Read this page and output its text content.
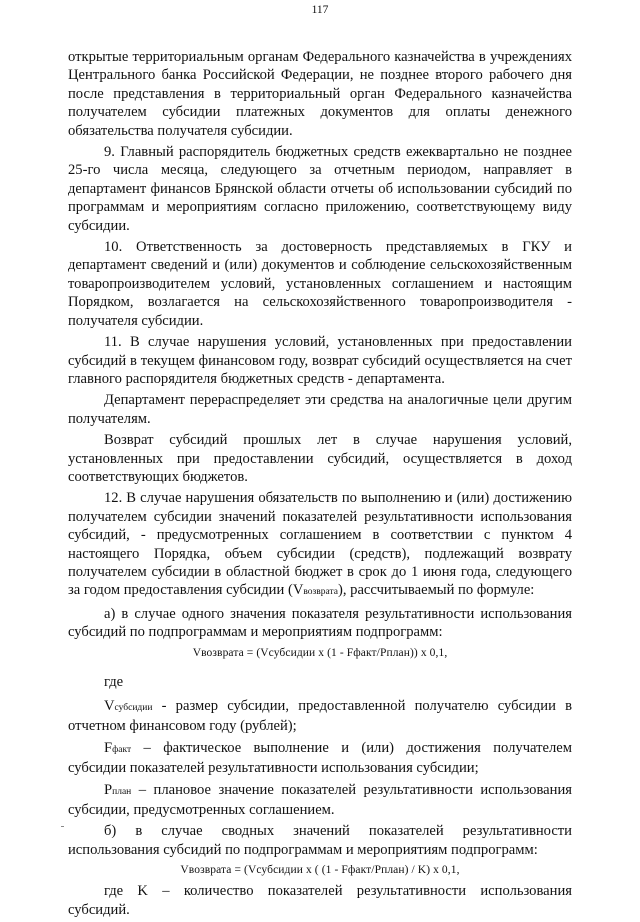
117

открытые территориальным органам Федерального казначейства в учреждениях Центрального банка Российской Федерации, не позднее второго рабочего дня после представления в территориальный орган Федерального казначейства получателем субсидии платежных документов для оплаты денежного обязательства получателя субсидии.

9. Главный распорядитель бюджетных средств ежеквартально не позднее 25-го числа месяца, следующего за отчетным периодом, направляет в департамент финансов Брянской области отчеты об использовании субсидий по программам и мероприятиям согласно приложению, соответствующему виду субсидии.

10. Ответственность за достоверность представляемых в ГКУ и департамент сведений и (или) документов и соблюдение сельскохозяйственным товаропроизводителем условий, установленных соглашением и настоящим Порядком, возлагается на сельскохозяйственного товаропроизводителя - получателя субсидии.

11. В случае нарушения условий, установленных при предоставлении субсидий в текущем финансовом году, возврат субсидий осуществляется на счет главного распорядителя бюджетных средств - департамента.

Департамент перераспределяет эти средства на аналогичные цели другим получателям.

Возврат субсидий прошлых лет в случае нарушения условий, установленных при предоставлении субсидий, осуществляется в доход соответствующих бюджетов.

12. В случае нарушения обязательств по выполнению и (или) достижению получателем субсидии значений показателей результативности использования субсидий, - предусмотренных соглашением в соответствии с пунктом 4 настоящего Порядка, объем субсидии (средств), подлежащий возврату получателем субсидии в областной бюджет в срок до 1 июня года, следующего за годом предоставления субсидии (Vвозврата), рассчитываемый по формуле:

а) в случае одного значения показателя результативности использования субсидий по подпрограммам и мероприятиям подпрограмм:

Vвозврата = (Vсубсидии x (1 - Fфакт/Pплан)) x 0,1,

где

Vсубсидии - размер субсидии, предоставленной получателю субсидии в отчетном финансовом году (рублей);

Fфакт – фактическое выполнение и (или) достижения получателем субсидии показателей результативности использования субсидии;

Pплан – плановое значение показателей результативности использования субсидии, предусмотренных соглашением.

б) в случае сводных значений показателей результативности использования субсидий по подпрограммам и мероприятиям подпрограмм:

Vвозврата = (Vсубсидии x ( (1 - Fфакт/Pплан) / K) x 0,1,

где K – количество показателей результативности использования субсидий.
